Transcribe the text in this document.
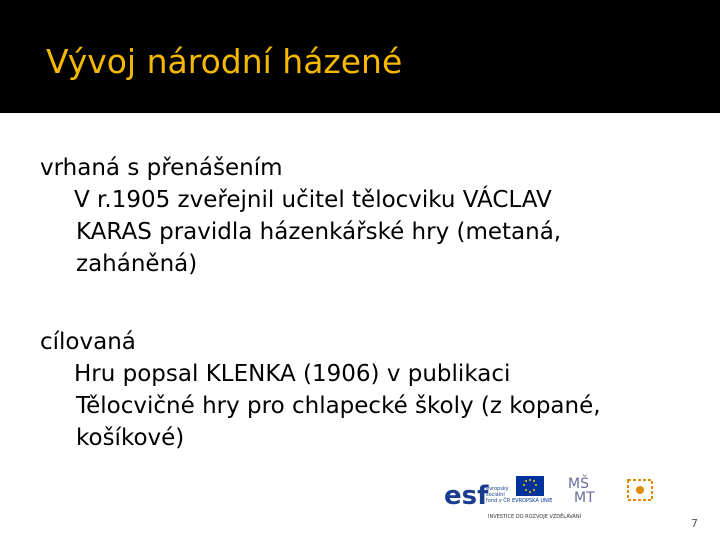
Vývoj národní házené

vrhaná s přenášením

V r.1905 zveřejnil učitel tělocviku VÁCLAV
KARAS pravidla házenkářské hry (metaná,
zaháněná)

cílovaná

Hru popsal KLENKA (1906) v publikaci
Tělocvičné hry pro chlapecké školy (z kopané,
košíkové)
esf
evropský
sociální
fond v ČR EVROPSKÁ UNIE
MŠ
MT
INVESTICE DO ROZVOJE VZDĚLÁVÁNÍ	7
